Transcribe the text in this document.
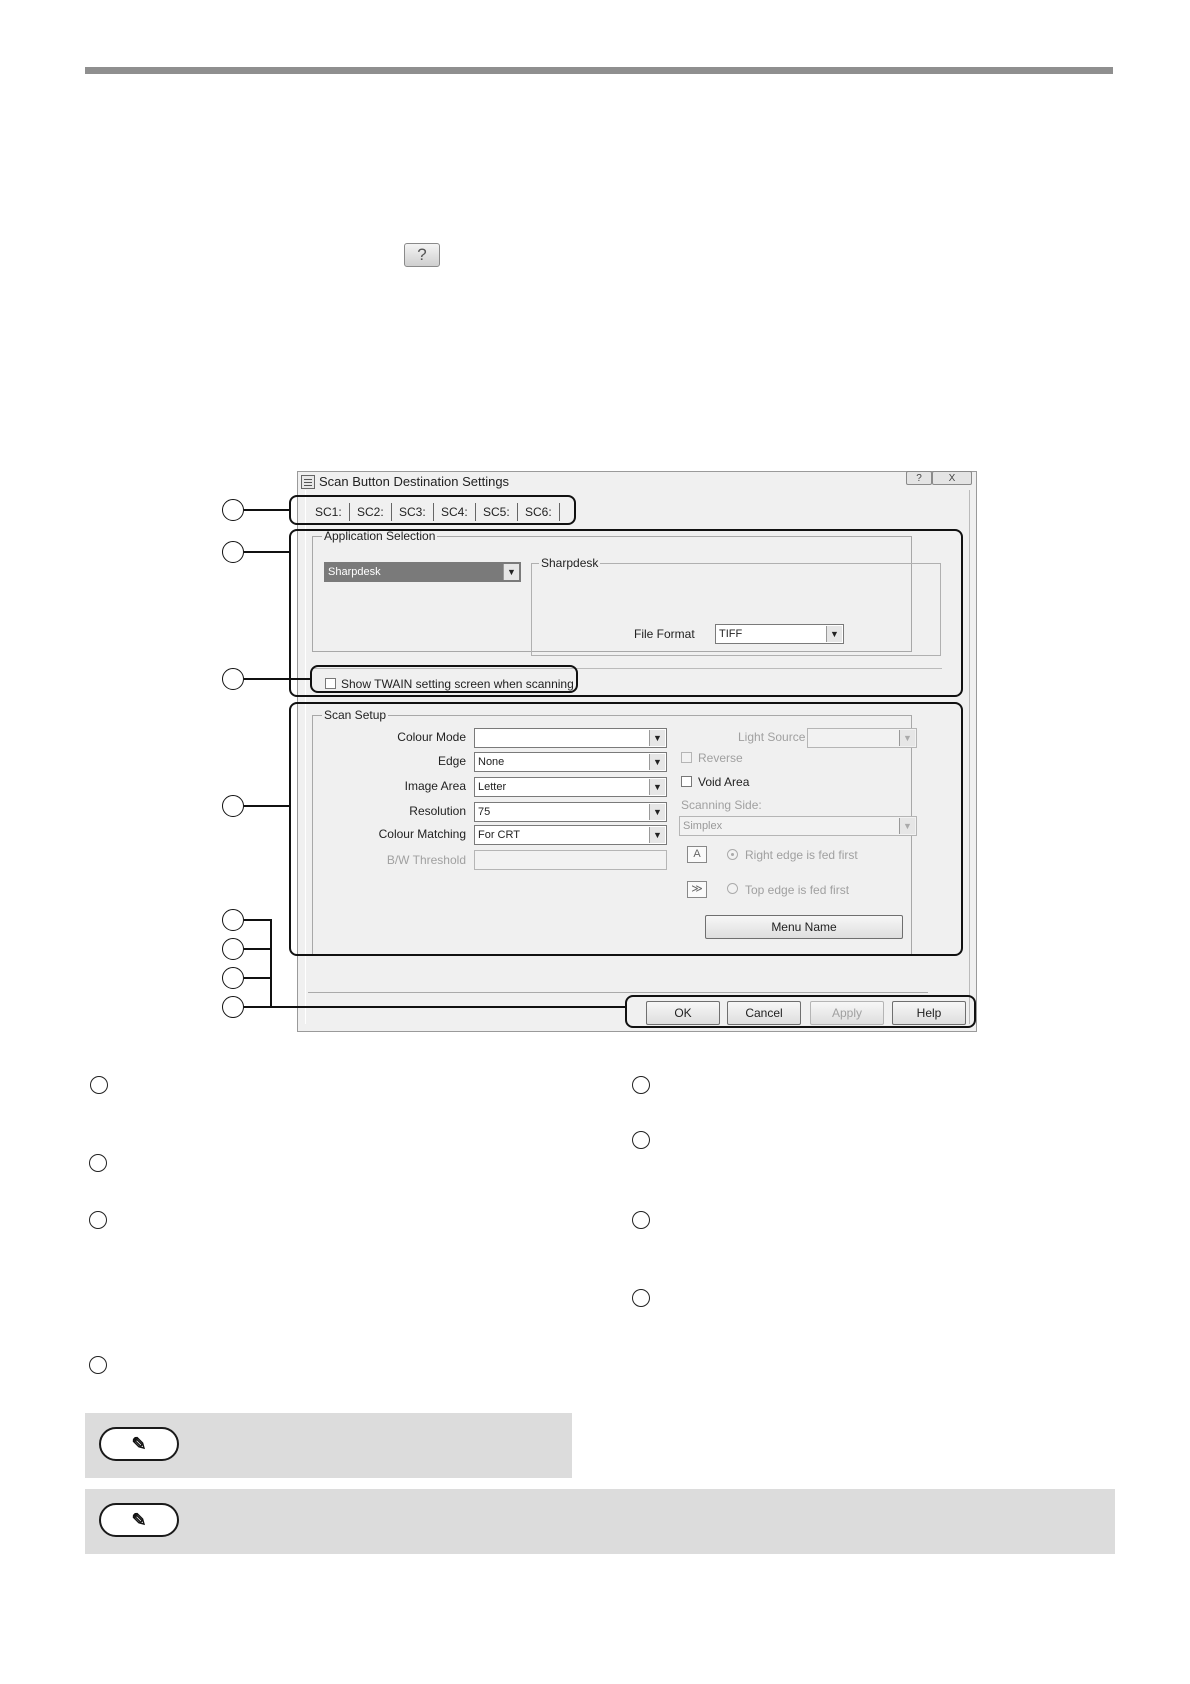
?
Scan Button Destination Settings	?	X
SC1: SC2: SC3: SC4: SC5: SC6:
Application Selection
Sharpdesk	▼
Sharpdesk
File Format	TIFF	▼
Show TWAIN setting screen when scanning
Scan Setup
Colour Mode	▼
Edge	None	▼
Image Area	Letter	▼
Resolution	75	▼
Colour Matching	For CRT	▼
B/W Threshold
Light Source	▼
Reverse
Void Area
Scanning Side:
Simplex	▼
A	Right edge is fed first
≫	Top edge is fed first
Menu Name
OK	Cancel	Apply	Help
✎
✎
